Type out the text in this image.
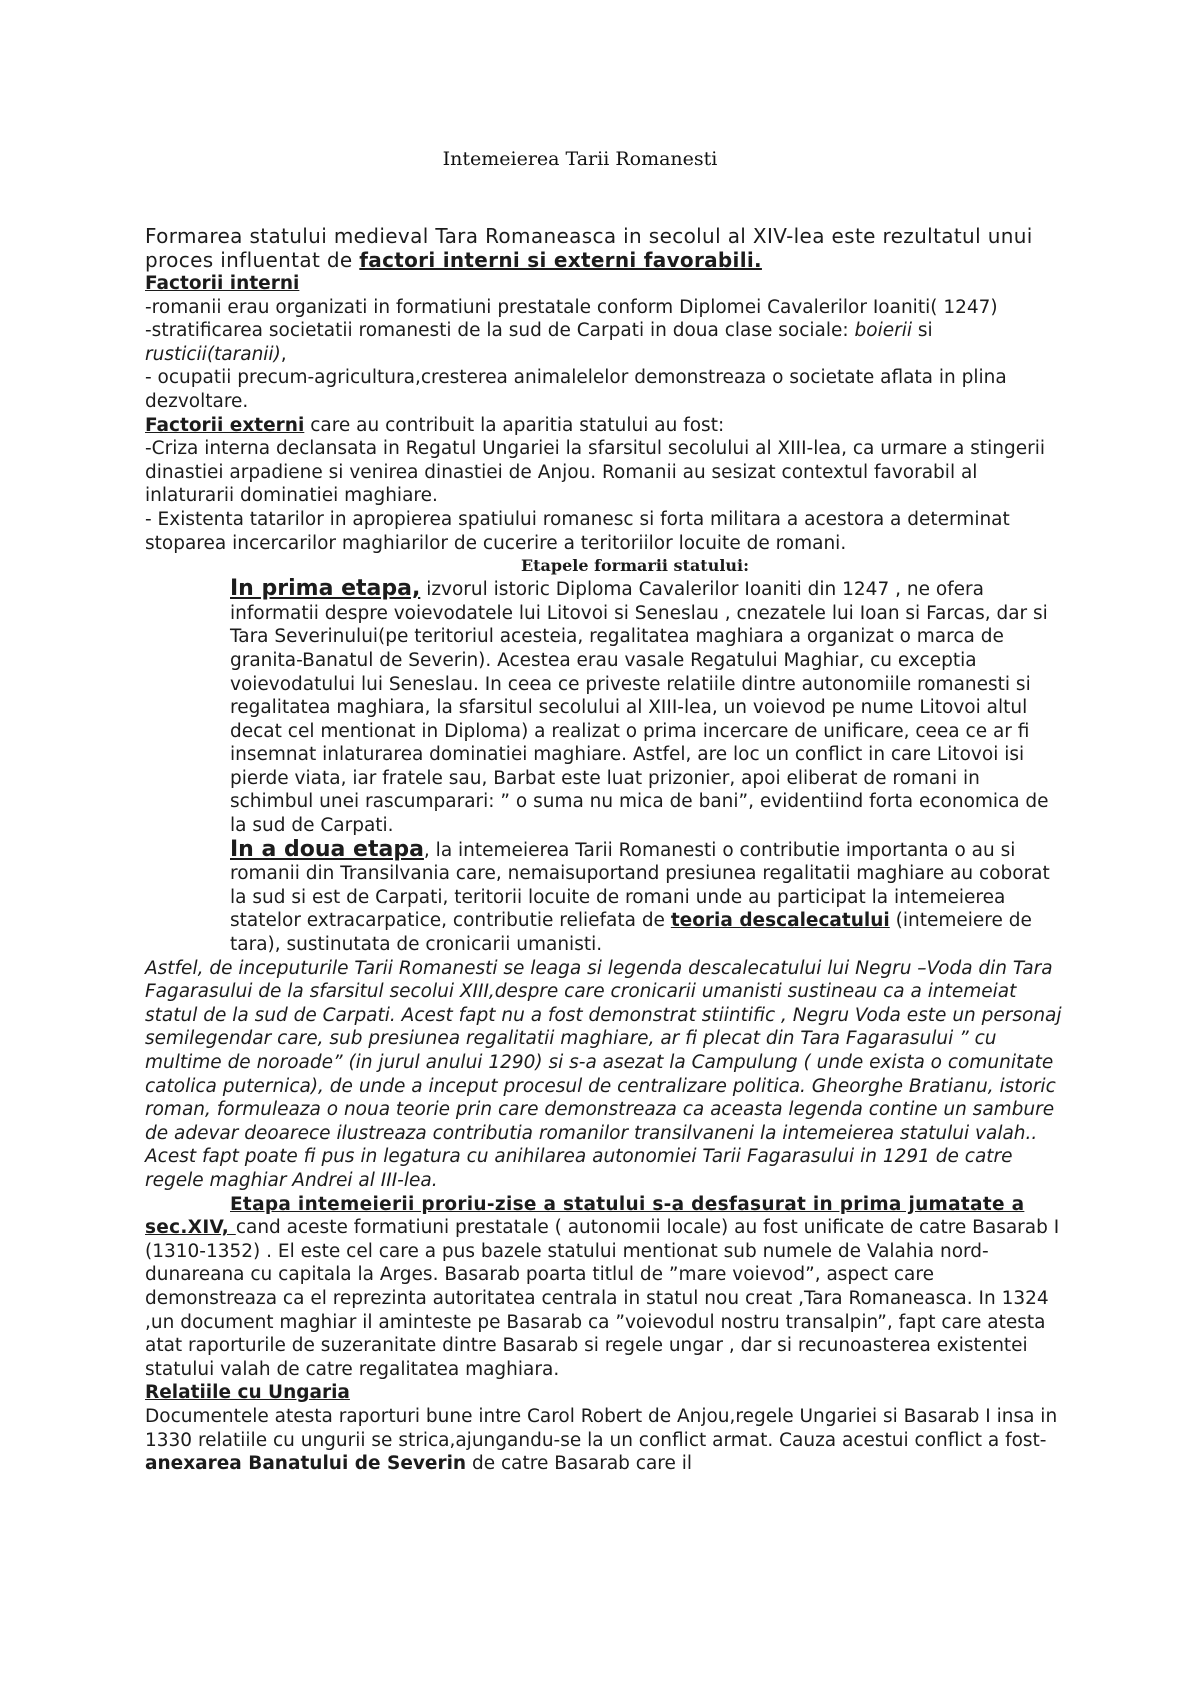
Intemeierea Tarii Romanesti

Formarea statului medieval Tara Romaneasca in secolul al XIV-lea este rezultatul unui proces influentat de factori interni si externi favorabili.

Factorii interni

-romanii erau organizati in formatiuni prestatale conform Diplomei Cavalerilor Ioaniti( 1247)

-stratificarea societatii romanesti de la sud de Carpati in doua clase sociale: boierii si rusticii(taranii),

- ocupatii precum-agricultura,cresterea animalelelor demonstreaza o societate aflata in plina dezvoltare.

Factorii externi care au contribuit la aparitia statului au fost:

-Criza interna declansata in Regatul Ungariei la sfarsitul secolului al XIII-lea, ca urmare a stingerii dinastiei arpadiene si venirea dinastiei de Anjou. Romanii au sesizat contextul favorabil al inlaturarii dominatiei maghiare.

- Existenta tatarilor in apropierea spatiului romanesc si forta militara a acestora a determinat stoparea incercarilor maghiarilor de cucerire a teritoriilor locuite de romani.

Etapele formarii statului:

In prima etapa, izvorul istoric Diploma Cavalerilor Ioaniti din 1247 , ne ofera informatii despre voievodatele lui Litovoi si Seneslau , cnezatele lui Ioan si Farcas, dar si Tara Severinului(pe teritoriul acesteia, regalitatea maghiara a organizat o marca de granita-Banatul de Severin). Acestea erau vasale Regatului Maghiar, cu exceptia voievodatului lui Seneslau. In ceea ce priveste relatiile dintre autonomiile romanesti si regalitatea maghiara, la sfarsitul secolului al XIII-lea, un voievod pe nume Litovoi altul decat cel mentionat in Diploma) a realizat o prima incercare de unificare, ceea ce ar fi insemnat inlaturarea dominatiei maghiare. Astfel, are loc un conflict in care Litovoi isi pierde viata, iar fratele sau, Barbat este luat prizonier, apoi eliberat de romani in schimbul unei rascumparari: ” o suma nu mica de bani”, evidentiind forta economica de la sud de Carpati.

In a doua etapa, la intemeierea Tarii Romanesti o contributie importanta o au si romanii din Transilvania care, nemaisuportand presiunea regalitatii maghiare au coborat la sud si est de Carpati, teritorii locuite de romani unde au participat la intemeierea statelor extracarpatice, contributie reliefata de teoria descalecatului (intemeiere de tara), sustinutata de cronicarii umanisti.

Astfel, de inceputurile Tarii Romanesti se leaga si legenda descalecatului lui Negru –Voda din Tara Fagarasului de la sfarsitul secolui XIII,despre care cronicarii umanisti sustineau ca a intemeiat statul de la sud de Carpati. Acest fapt nu a fost demonstrat stiintific , Negru Voda este un personaj semilegendar care, sub presiunea regalitatii maghiare, ar fi plecat din Tara Fagarasului ” cu multime de noroade” (in jurul anului 1290) si s-a asezat la Campulung ( unde exista o comunitate catolica puternica), de unde a inceput procesul de centralizare politica. Gheorghe Bratianu, istoric roman, formuleaza o noua teorie prin care demonstreaza ca aceasta legenda contine un sambure de adevar deoarece ilustreaza contributia romanilor transilvaneni la intemeierea statului valah.. Acest fapt poate fi pus in legatura cu anihilarea autonomiei Tarii Fagarasului in 1291 de catre regele maghiar Andrei al III-lea.

Etapa intemeierii proriu-zise a statului s-a desfasurat in prima jumatate a sec.XIV, cand aceste formatiuni prestatale ( autonomii locale) au fost unificate de catre Basarab I (1310-1352) . El este cel care a pus bazele statului mentionat sub numele de Valahia nord-dunareana cu capitala la Arges. Basarab poarta titlul de ”mare voievod”, aspect care demonstreaza ca el reprezinta autoritatea centrala in statul nou creat ,Tara Romaneasca. In 1324 ,un document maghiar il aminteste pe Basarab ca ”voievodul nostru transalpin”, fapt care atesta atat raporturile de suzeranitate dintre Basarab si regele ungar , dar si recunoasterea existentei statului valah de catre regalitatea maghiara.

Relatiile cu Ungaria

Documentele atesta raporturi bune intre Carol Robert de Anjou,regele Ungariei si Basarab I insa in 1330 relatiile cu ungurii se strica,ajungandu-se la un conflict armat. Cauza acestui conflict a fost-anexarea Banatului de Severin de catre Basarab care il
